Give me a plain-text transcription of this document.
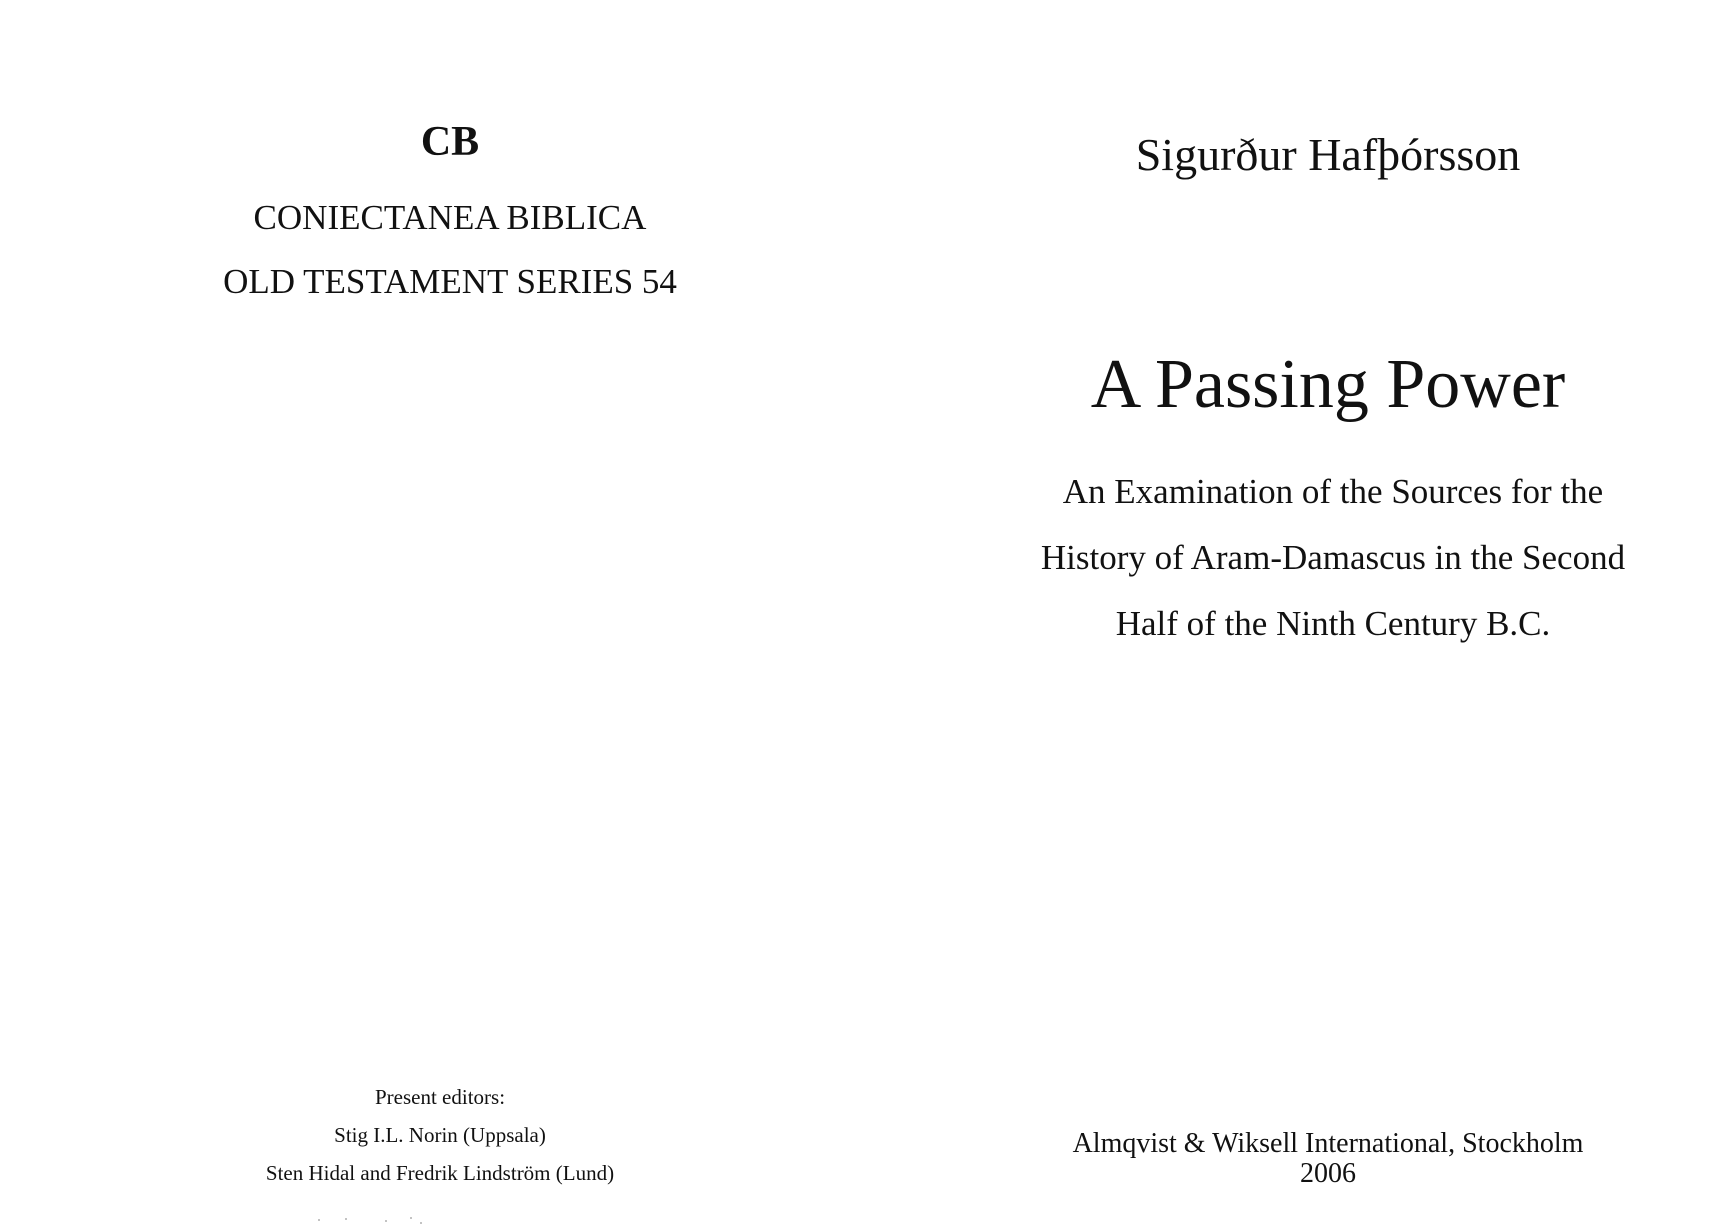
CB
CONIECTANEA BIBLICA
OLD TESTAMENT SERIES 54
Present editors:
Stig I.L. Norin (Uppsala)
Sten Hidal and Fredrik Lindström (Lund)
Sigurður Hafþórsson
A Passing Power
An Examination of the Sources for the
History of Aram-Damascus in the Second
Half of the Ninth Century B.C.
Almqvist & Wiksell International, Stockholm
2006
